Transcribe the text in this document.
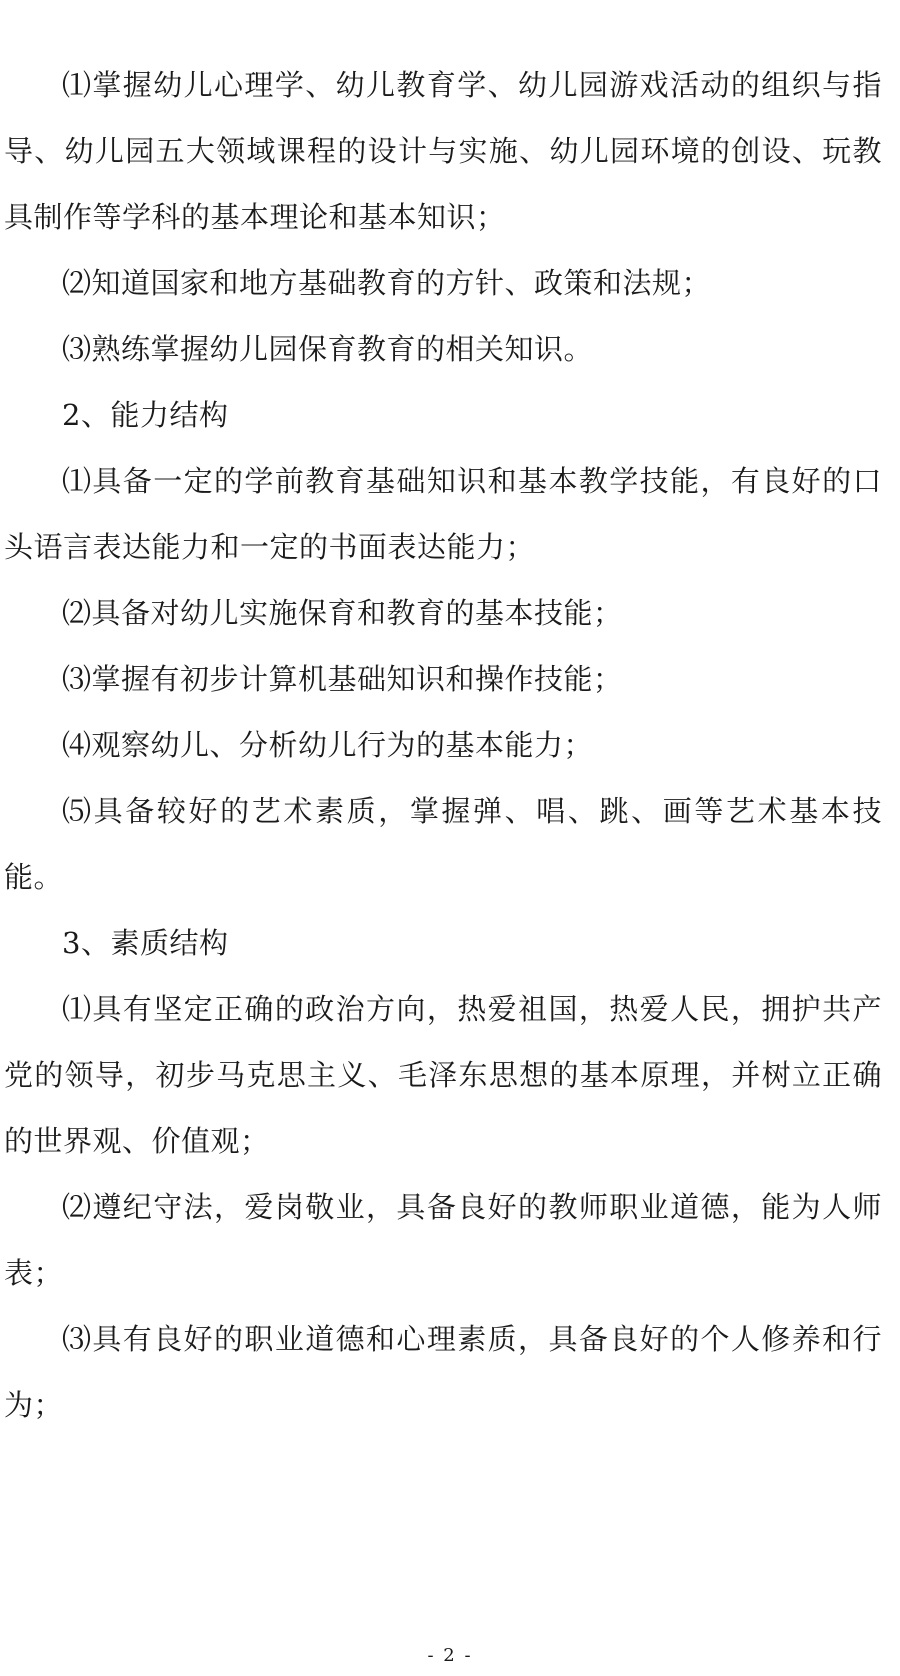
⑴掌握幼儿心理学、幼儿教育学、幼儿园游戏活动的组织与指导、幼儿园五大领域课程的设计与实施、幼儿园环境的创设、玩教具制作等学科的基本理论和基本知识；

⑵知道国家和地方基础教育的方针、政策和法规；

⑶熟练掌握幼儿园保育教育的相关知识。

2、能力结构

⑴具备一定的学前教育基础知识和基本教学技能，有良好的口头语言表达能力和一定的书面表达能力；

⑵具备对幼儿实施保育和教育的基本技能；

⑶掌握有初步计算机基础知识和操作技能；

⑷观察幼儿、分析幼儿行为的基本能力；

⑸具备较好的艺术素质，掌握弹、唱、跳、画等艺术基本技能。

3、素质结构

⑴具有坚定正确的政治方向，热爱祖国，热爱人民，拥护共产党的领导，初步马克思主义、毛泽东思想的基本原理，并树立正确的世界观、价值观；

⑵遵纪守法，爱岗敬业，具备良好的教师职业道德，能为人师表；

⑶具有良好的职业道德和心理素质，具备良好的个人修养和行为；

- 2 -
